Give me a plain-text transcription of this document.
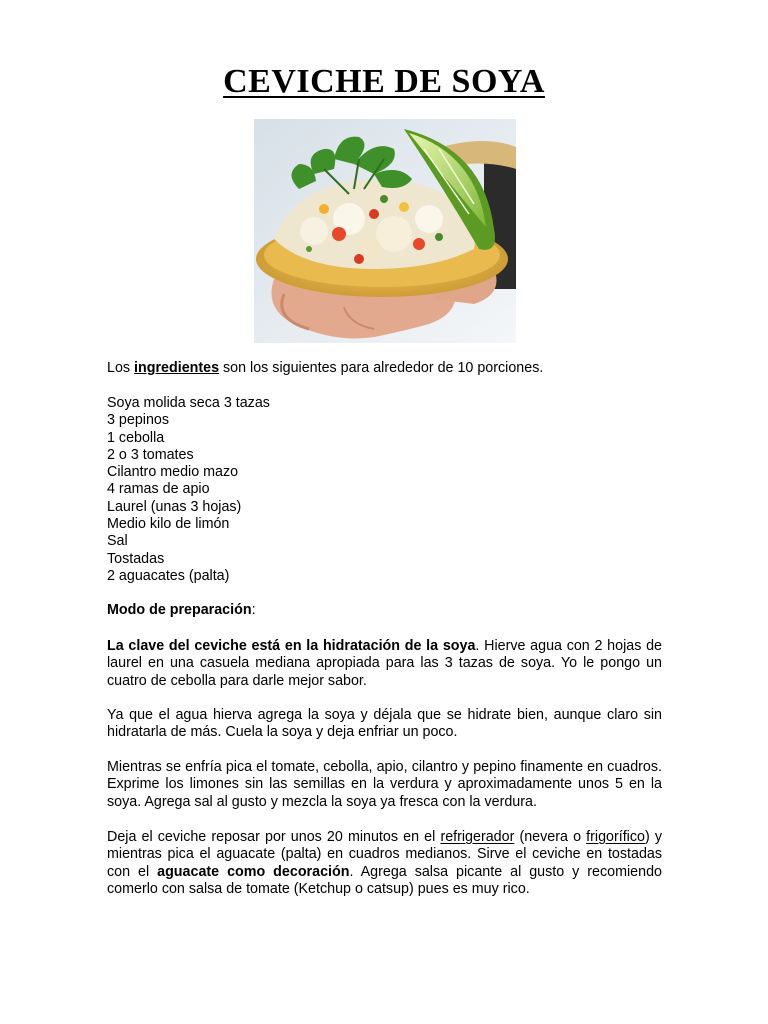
CEVICHE DE SOYA
Los ingredientes son los siguientes para alrededor de 10 porciones.
Soya molida seca 3 tazas
3 pepinos
1 cebolla
2 o 3 tomates
Cilantro medio mazo
4 ramas de apio
Laurel (unas 3 hojas)
Medio kilo de limón
Sal
Tostadas
2 aguacates (palta)
Modo de preparación:
La clave del ceviche está en la hidratación de la soya. Hierve agua con 2 hojas de laurel en una casuela mediana apropiada para las 3 tazas de soya. Yo le pongo un cuatro de cebolla para darle mejor sabor.
Ya que el agua hierva agrega la soya y déjala que se hidrate bien, aunque claro sin hidratarla de más. Cuela la soya y deja enfriar un poco.
Mientras se enfría pica el tomate, cebolla, apio, cilantro y pepino finamente en cuadros. Exprime los limones sin las semillas en la verdura y aproximadamente unos 5 en la soya. Agrega sal al gusto y mezcla la soya ya fresca con la verdura.
Deja el ceviche reposar por unos 20 minutos en el refrigerador (nevera o frigorífico) y mientras pica el aguacate (palta) en cuadros medianos. Sirve el ceviche en tostadas con el aguacate como decoración. Agrega salsa picante al gusto y recomiendo comerlo con salsa de tomate (Ketchup o catsup) pues es muy rico.
